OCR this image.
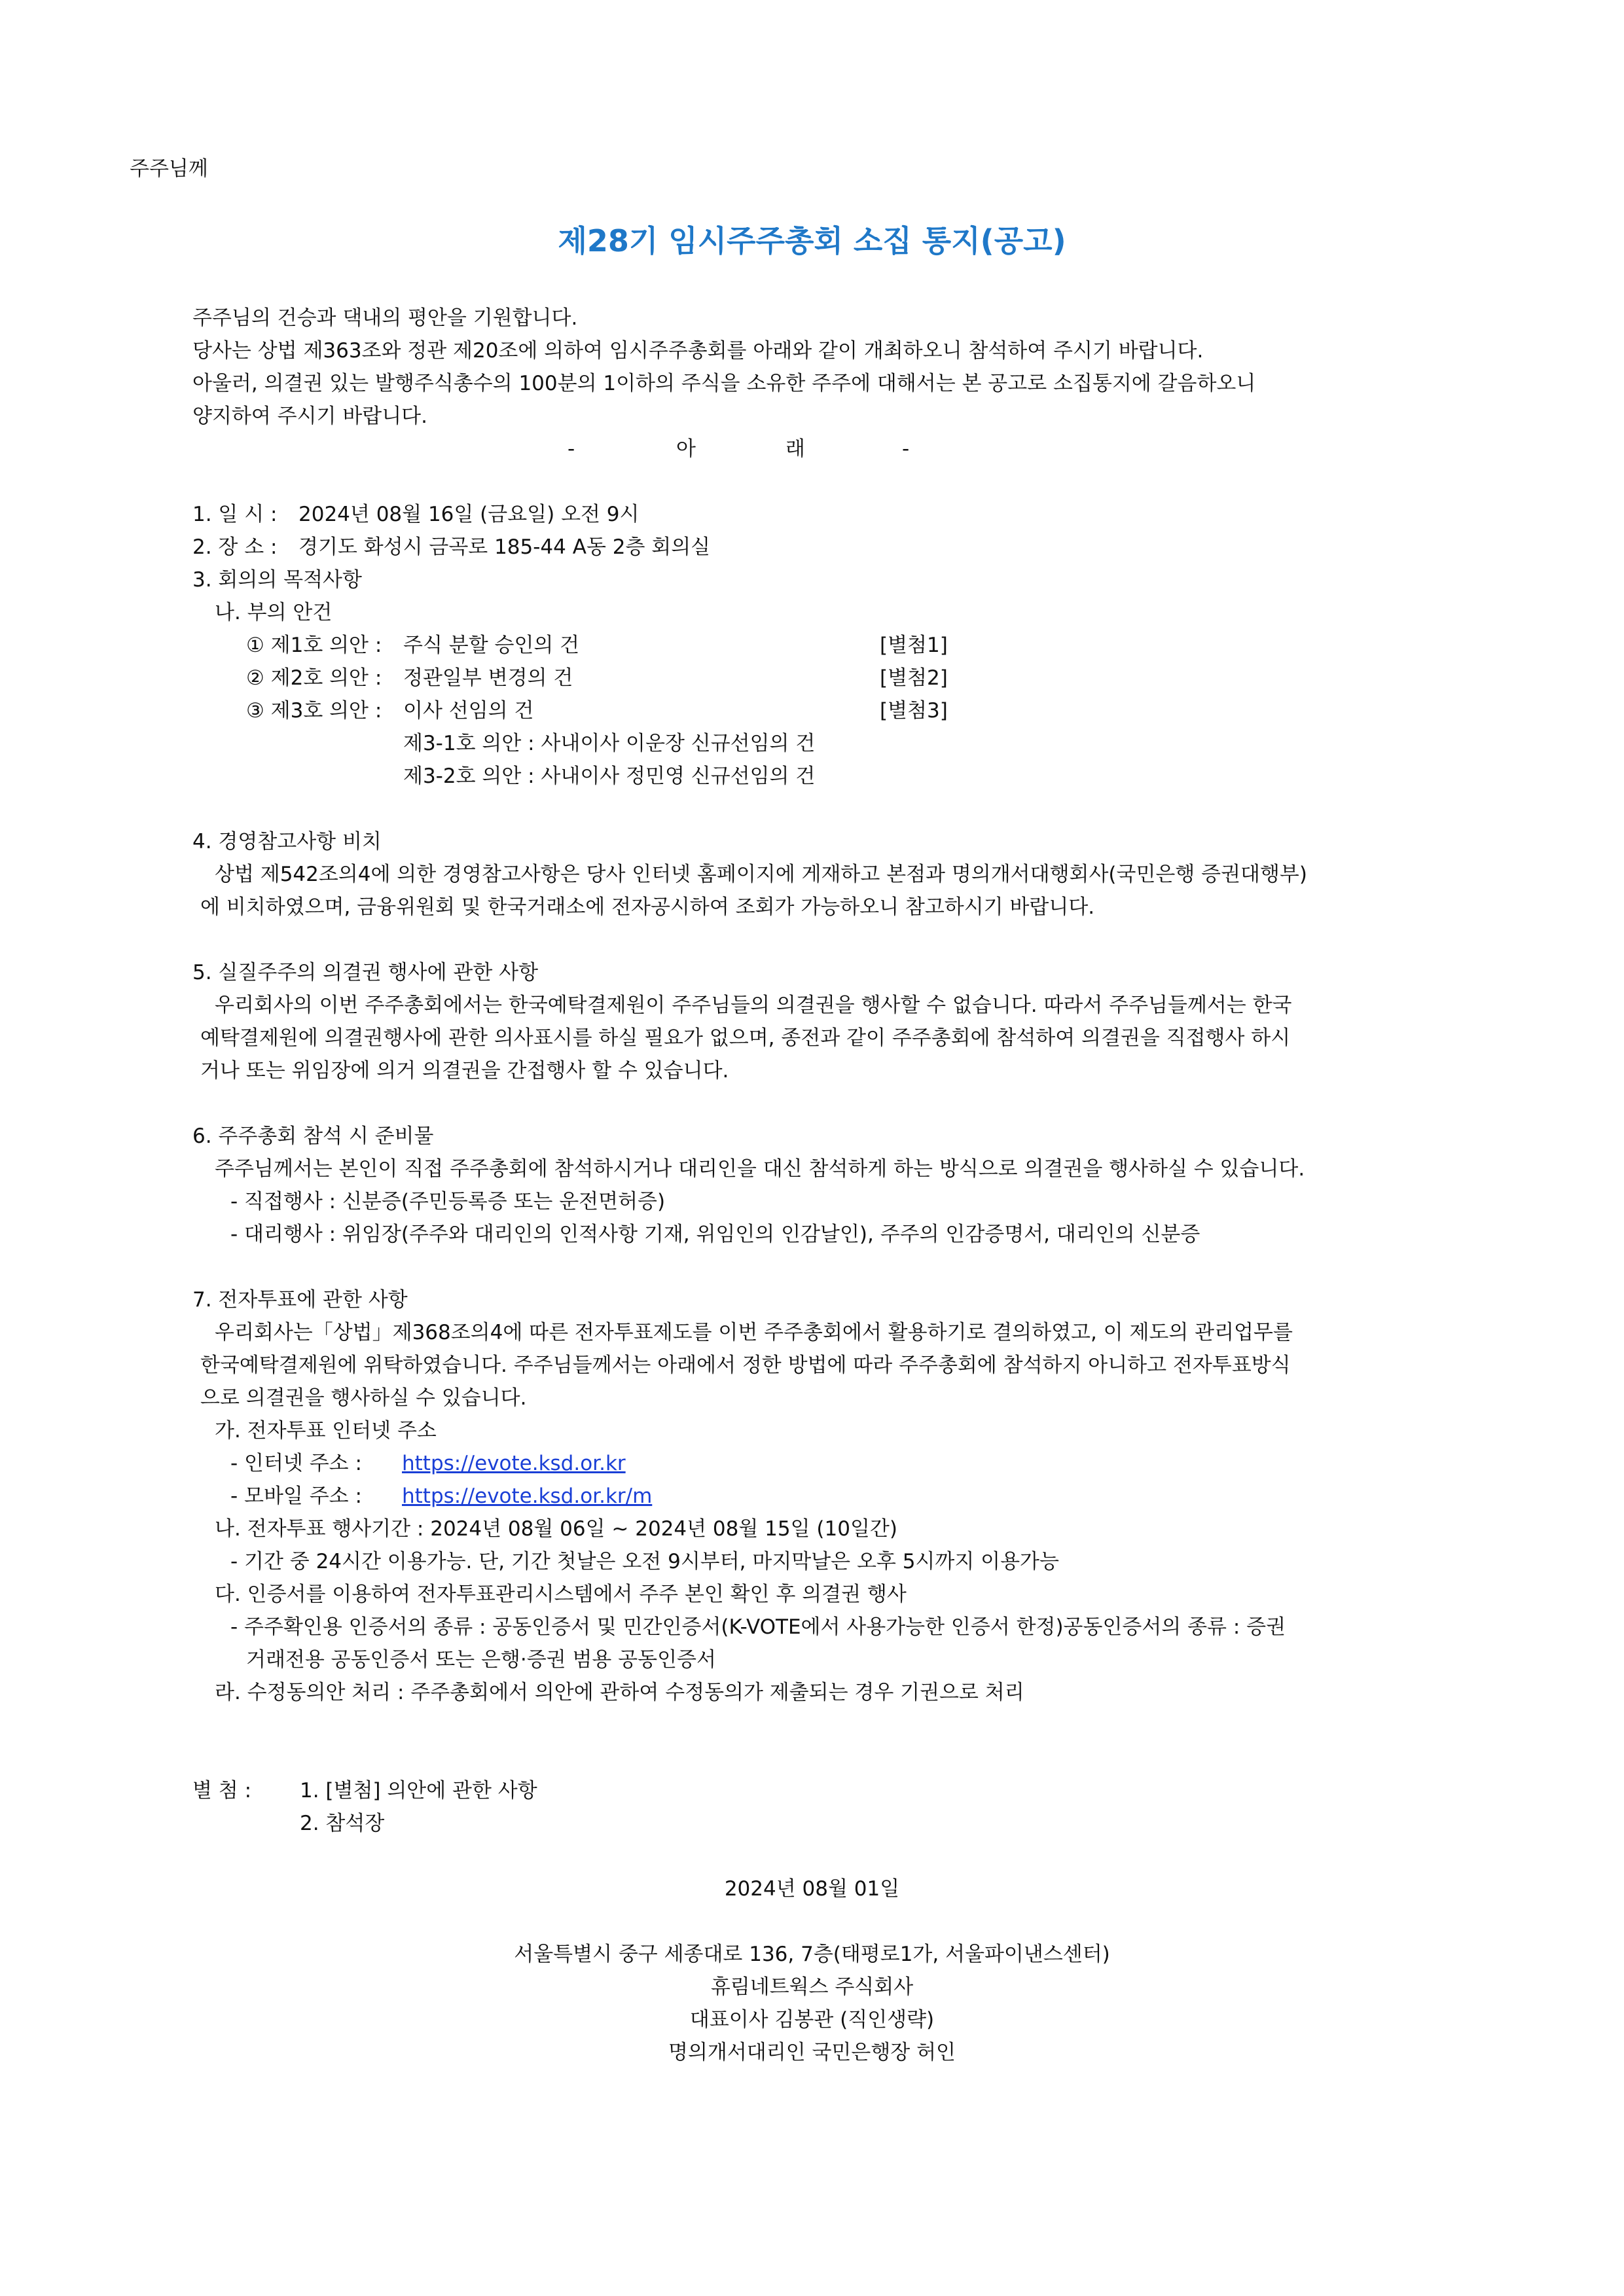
주주님께
제28기 임시주주총회 소집 통지(공고)
주주님의 건승과 댁내의 평안을 기원합니다.
당사는 상법 제363조와 정관 제20조에 의하여 임시주주총회를 아래와 같이 개최하오니 참석하여 주시기 바랍니다.
아울러, 의결권 있는 발행주식총수의 100분의 1이하의 주식을 소유한 주주에 대해서는 본 공고로 소집통지에 갈음하오니
양지하여 주시기 바랍니다.
-	아	래	-
1. 일 시 : 2024년 08월 16일 (금요일) 오전 9시
2. 장 소 : 경기도 화성시 금곡로 185-44 A동 2층 회의실
3. 회의의 목적사항
나. 부의 안건
① 제1호 의안 : 주식 분할 승인의 건	[별첨1]
② 제2호 의안 : 정관일부 변경의 건	[별첨2]
③ 제3호 의안 : 이사 선임의 건	[별첨3]
제3-1호 의안 : 사내이사 이운장 신규선임의 건
제3-2호 의안 : 사내이사 정민영 신규선임의 건
4. 경영참고사항 비치
상법 제542조의4에 의한 경영참고사항은 당사 인터넷 홈페이지에 게재하고 본점과 명의개서대행회사(국민은행 증권대행부)
에 비치하였으며, 금융위원회 및 한국거래소에 전자공시하여 조회가 가능하오니 참고하시기 바랍니다.
5. 실질주주의 의결권 행사에 관한 사항
우리회사의 이번 주주총회에서는 한국예탁결제원이 주주님들의 의결권을 행사할 수 없습니다. 따라서 주주님들께서는 한국
예탁결제원에 의결권행사에 관한 의사표시를 하실 필요가 없으며, 종전과 같이 주주총회에 참석하여 의결권을 직접행사 하시
거나 또는 위임장에 의거 의결권을 간접행사 할 수 있습니다.
6. 주주총회 참석 시 준비물
주주님께서는 본인이 직접 주주총회에 참석하시거나 대리인을 대신 참석하게 하는 방식으로 의결권을 행사하실 수 있습니다.
- 직접행사 : 신분증(주민등록증 또는 운전면허증)
- 대리행사 : 위임장(주주와 대리인의 인적사항 기재, 위임인의 인감날인), 주주의 인감증명서, 대리인의 신분증
7. 전자투표에 관한 사항
우리회사는「상법」제368조의4에 따른 전자투표제도를 이번 주주총회에서 활용하기로 결의하였고, 이 제도의 관리업무를
한국예탁결제원에 위탁하였습니다. 주주님들께서는 아래에서 정한 방법에 따라 주주총회에 참석하지 아니하고 전자투표방식
으로 의결권을 행사하실 수 있습니다.
가. 전자투표 인터넷 주소
- 인터넷 주소 : https://evote.ksd.or.kr
- 모바일 주소 : https://evote.ksd.or.kr/m
나. 전자투표 행사기간 : 2024년 08월 06일 ~ 2024년 08월 15일 (10일간)
- 기간 중 24시간 이용가능. 단, 기간 첫날은 오전 9시부터, 마지막날은 오후 5시까지 이용가능
다. 인증서를 이용하여 전자투표관리시스템에서 주주 본인 확인 후 의결권 행사
- 주주확인용 인증서의 종류 : 공동인증서 및 민간인증서(K-VOTE에서 사용가능한 인증서 한정)공동인증서의 종류 : 증권
거래전용 공동인증서 또는 은행·증권 범용 공동인증서
라. 수정동의안 처리 : 주주총회에서 의안에 관하여 수정동의가 제출되는 경우 기권으로 처리
별 첨 : 1. [별첨] 의안에 관한 사항
2. 참석장
2024년 08월 01일
서울특별시 중구 세종대로 136, 7층(태평로1가, 서울파이낸스센터)
휴림네트웍스 주식회사
대표이사 김봉관 (직인생략)
명의개서대리인 국민은행장 허인
